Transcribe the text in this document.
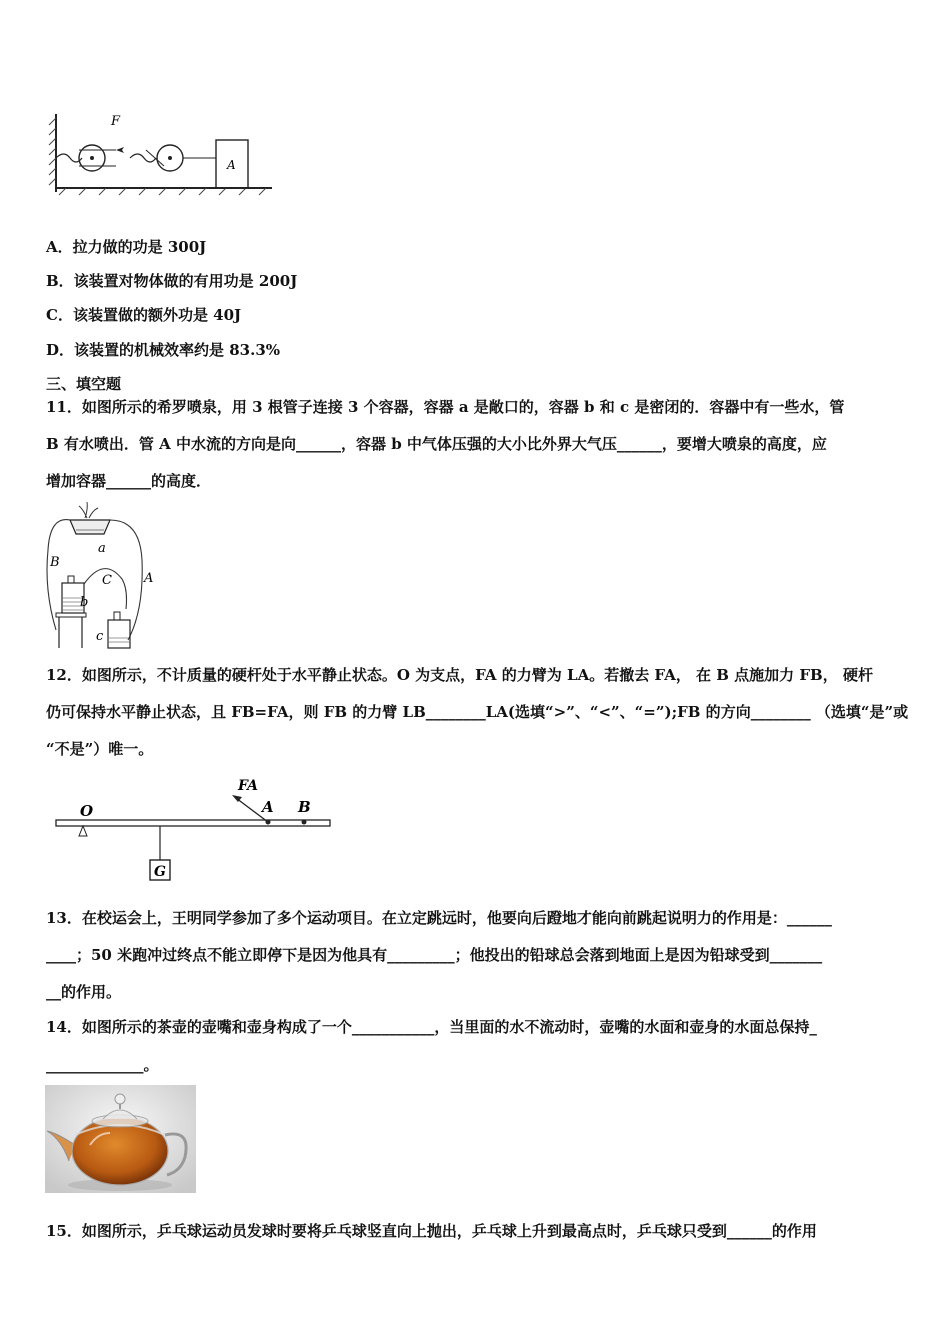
F
A
A．拉力做的功是 300J
B．该装置对物体做的有用功是 200J
C．该装置做的额外功是 40J
D．该装置的机械效率约是 83.3%
三、填空题
11．如图所示的希罗喷泉，用 3 根管子连接 3 个容器，容器 a 是敞口的，容器 b 和 c 是密闭的．容器中有一些水，管
B 有水喷出．管 A 中水流的方向是向______，容器 b 中气体压强的大小比外界大气压______，要增大喷泉的高度，应
增加容器______的高度．
a
B
C A
b
c
12．如图所示，不计质量的硬杆处于水平静止状态。O 为支点，FA 的力臂为 LA。若撤去 FA， 在 B 点施加力 FB， 硬杆
仍可保持水平静止状态，且 FB=FA，则 FB 的力臂 LB________LA(选填“>”、“<”、“=”);FB 的方向________ （选填“是”或
“不是”）唯一。
O
FA
A B
G
13．在校运会上，王明同学参加了多个运动项目。在立定跳远时，他要向后蹬地才能向前跳起说明力的作用是：______
____；50 米跑冲过终点不能立即停下是因为他具有_________；他投出的铅球总会落到地面上是因为铅球受到_______
__的作用。
14．如图所示的茶壶的壶嘴和壶身构成了一个___________，当里面的水不流动时，壶嘴的水面和壶身的水面总保持_
_____________。
15．如图所示，乒乓球运动员发球时要将乒乓球竖直向上抛出，乒乓球上升到最高点时，乒乓球只受到______的作用
